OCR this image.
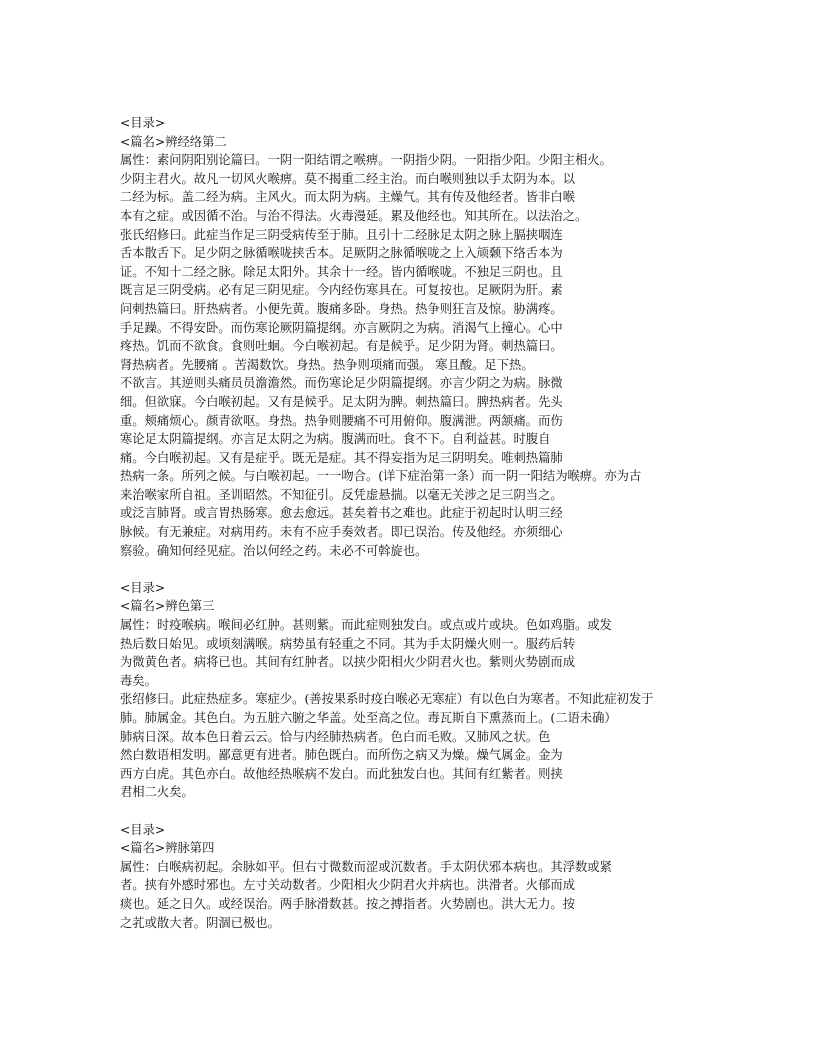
<目录>
<篇名>辨经络第二
属性：素问阴阳别论篇曰。一阴一阳结谓之喉痹。一阴指少阴。一阳指少阳。少阳主相火。
少阴主君火。故凡一切风火喉痹。莫不揭重二经主治。而白喉则独以手太阴为本。以
二经为标。盖二经为病。主风火。而太阴为病。主燥气。其有传及他经者。皆非白喉
本有之症。或因循不治。与治不得法。火毒漫延。累及他经也。知其所在。以法治之。
张氏绍修曰。此症当作足三阴受病传至于肺。且引十二经脉足太阴之脉上膈挟咽连
舌本散舌下。足少阴之脉循喉咙挟舌本。足厥阴之脉循喉咙之上入颃颡下络舌本为
证。不知十二经之脉。除足太阳外。其余十一经。皆内循喉咙。不独足三阴也。且
既言足三阴受病。必有足三阴见症。今内经伤寒具在。可复按也。足厥阴为肝。素
问刺热篇曰。肝热病者。小便先黄。腹痛多卧。身热。热争则狂言及惊。胁满疼。
手足躁。不得安卧。而伤寒论厥阴篇提纲。亦言厥阴之为病。消渴气上撞心。心中
疼热。饥而不欲食。食则吐蛔。今白喉初起。有是候乎。足少阴为肾。刺热篇曰。
肾热病者。先腰痛 。苦渴数饮。身热。热争则项痛而强。 寒且酸。足下热。
不欲言。其逆则头痛员员澹澹然。而伤寒论足少阴篇提纲。亦言少阴之为病。脉微
细。但欲寐。今白喉初起。又有是候乎。足太阴为脾。刺热篇曰。脾热病者。先头
重。颊痛烦心。颜青欲呕。身热。热争则腰痛不可用俯仰。腹满泄。两颔痛。而伤
寒论足太阴篇提纲。亦言足太阴之为病。腹满而吐。食不下。自利益甚。时腹自
痛。今白喉初起。又有是症乎。既无是症。其不得妄指为足三阴明矣。唯刺热篇肺
热病一条。所列之候。与白喉初起。一一吻合。(详下症治第一条）而一阴一阳结为喉痹。亦为古
来治喉家所自祖。圣训昭然。不知征引。反凭虚悬揣。以毫无关涉之足三阴当之。
或泛言肺肾。或言胃热肠寒。愈去愈远。甚矣着书之难也。此症于初起时认明三经
脉候。有无兼症。对病用药。未有不应手奏效者。即已误治。传及他经。亦须细心
察验。确知何经见症。治以何经之药。未必不可斡旋也。
<目录>
<篇名>辨色第三
属性：时疫喉病。喉间必红肿。甚则紫。而此症则独发白。或点或片或块。色如鸡脂。或发
热后数日始见。或顷刻满喉。病势虽有轻重之不同。其为手太阴燥火则一。服药后转
为微黄色者。病将已也。其间有红肿者。以挟少阳相火少阴君火也。紫则火势剧而成
毒矣。
张绍修曰。此症热症多。寒症少。(善按果系时疫白喉必无寒症）有以色白为寒者。不知此症初发于
肺。肺属金。其色白。为五脏六腑之华盖。处至高之位。毒瓦斯自下熏蒸而上。(二语未确）
肺病日深。故本色日着云云。恰与内经肺热病者。色白而毛败。又肺风之状。色
然白数语相发明。鄙意更有进者。肺色既白。而所伤之病又为燥。燥气属金。金为
西方白虎。其色亦白。故他经热喉病不发白。而此独发白也。其间有红紫者。则挟
君相二火矣。
<目录>
<篇名>辨脉第四
属性：白喉病初起。余脉如平。但右寸微数而涩或沉数者。手太阴伏邪本病也。其浮数或紧
者。挟有外感时邪也。左寸关动数者。少阳相火少阴君火并病也。洪滑者。火郁而成
痰也。延之日久。或经误治。两手脉滑数甚。按之搏指者。火势剧也。洪大无力。按
之芤或散大者。阴涸已极也。
